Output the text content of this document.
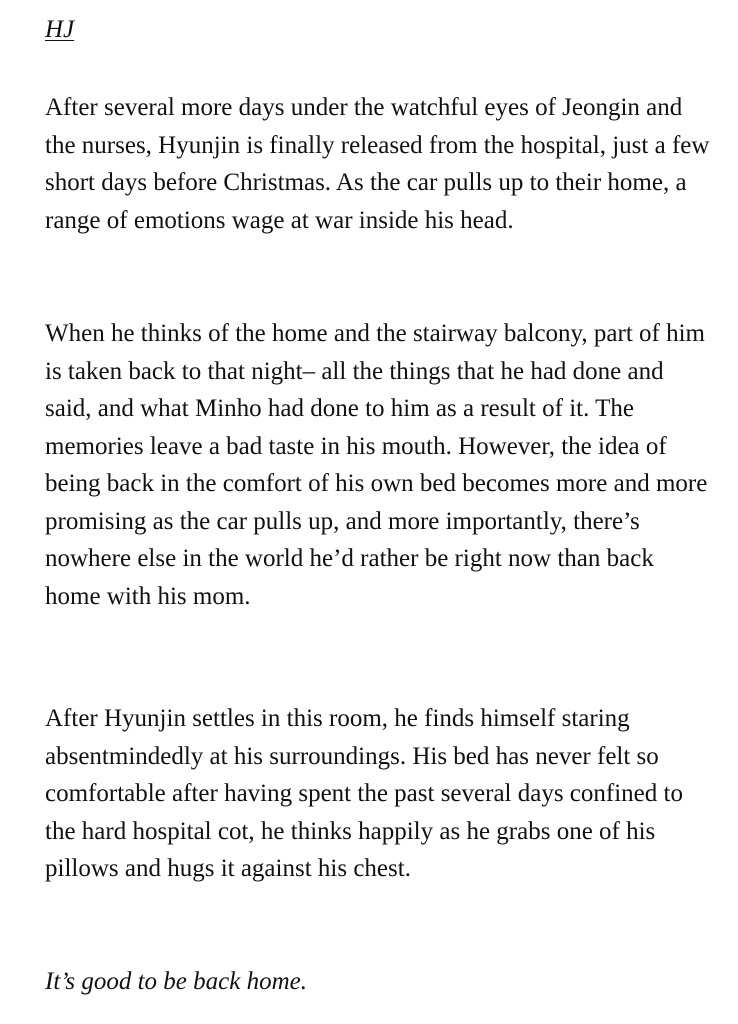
HJ

After several more days under the watchful eyes of Jeongin and the nurses, Hyunjin is finally released from the hospital, just a few short days before Christmas. As the car pulls up to their home, a range of emotions wage at war inside his head.

When he thinks of the home and the stairway balcony, part of him is taken back to that night– all the things that he had done and said, and what Minho had done to him as a result of it. The memories leave a bad taste in his mouth. However, the idea of being back in the comfort of his own bed becomes more and more promising as the car pulls up, and more importantly, there’s nowhere else in the world he’d rather be right now than back home with his mom.

After Hyunjin settles in this room, he finds himself staring absentmindedly at his surroundings. His bed has never felt so comfortable after having spent the past several days confined to the hard hospital cot, he thinks happily as he grabs one of his pillows and hugs it against his chest.

It’s good to be back home.
